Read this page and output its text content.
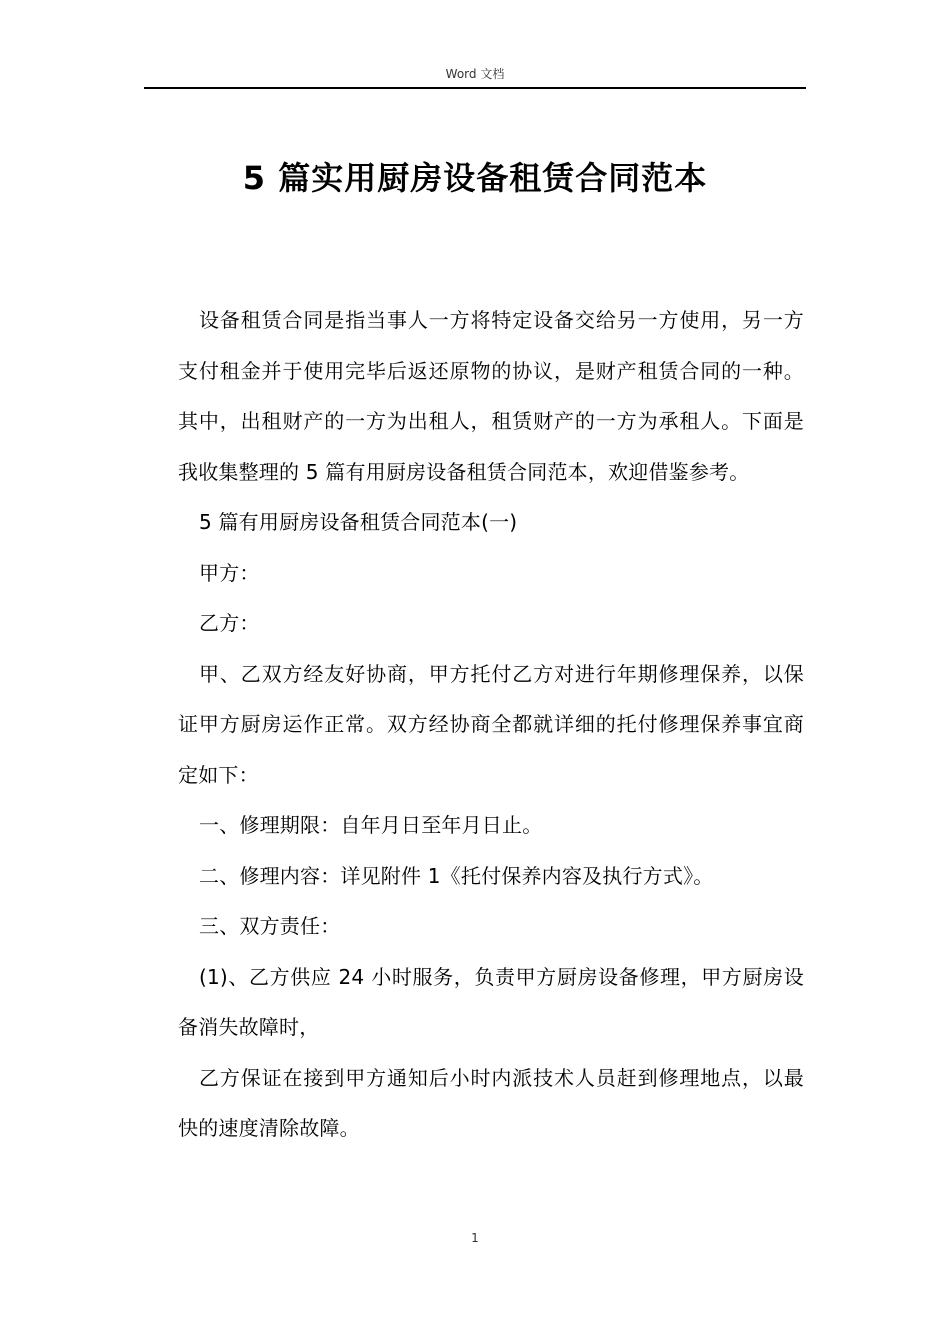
Word 文档
5 篇实用厨房设备租赁合同范本

设备租赁合同是指当事人一方将特定设备交给另一方使用，另一方支付租金并于使用完毕后返还原物的协议，是财产租赁合同的一种。其中，出租财产的一方为出租人，租赁财产的一方为承租人。下面是我收集整理的 5 篇有用厨房设备租赁合同范本，欢迎借鉴参考。

5 篇有用厨房设备租赁合同范本(一)

甲方：

乙方：

甲、乙双方经友好协商，甲方托付乙方对进行年期修理保养，以保证甲方厨房运作正常。双方经协商全都就详细的托付修理保养事宜商定如下：

一、修理期限：自年月日至年月日止。

二、修理内容：详见附件 1《托付保养内容及执行方式》。

三、双方责任：

(1)、乙方供应 24 小时服务，负责甲方厨房设备修理，甲方厨房设备消失故障时，

乙方保证在接到甲方通知后小时内派技术人员赶到修理地点，以最快的速度清除故障。

1
